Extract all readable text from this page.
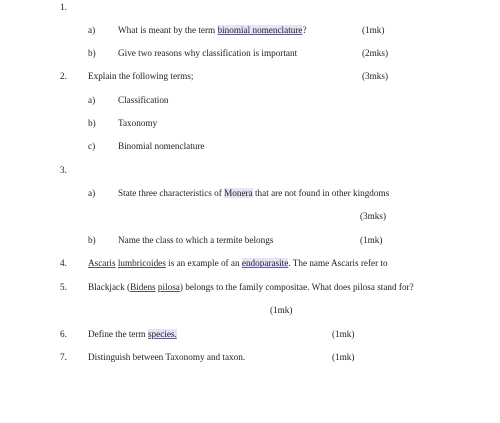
1.
a) What is meant by the term binomial nomenclature?	(1mk)
b) Give two reasons why classification is important	(2mks)
2. Explain the following terms;	(3mks)
a) Classification
b) Taxonomy
c) Binomial nomenclature
3.
a) State three characteristics of Monera that are not found in other kingdoms
(3mks)
b) Name the class to which a termite belongs	(1mk)
4. Ascaris lumbricoides is an example of an endoparasite. The name Ascaris refer to
5. Blackjack (Bidens pilosa) belongs to the family compositae. What does pilosa stand for?
(1mk)
6. Define the term species.	(1mk)
7. Distinguish between Taxonomy and taxon.	(1mk)
